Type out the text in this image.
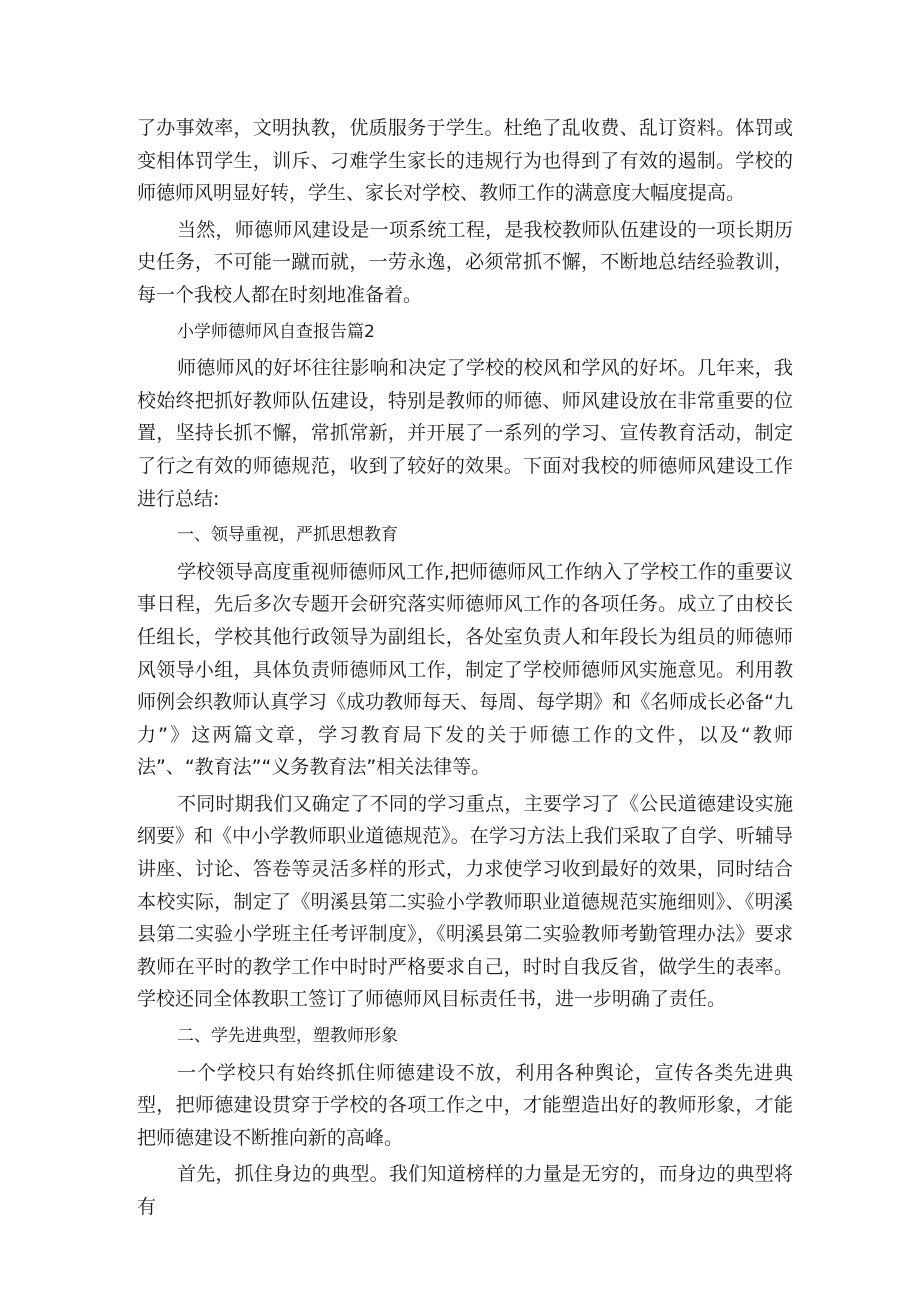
了办事效率，文明执教，优质服务于学生。杜绝了乱收费、乱订资料。体罚或变相体罚学生，训斥、刁难学生家长的违规行为也得到了有效的遏制。学校的师德师风明显好转，学生、家长对学校、教师工作的满意度大幅度提高。

当然，师德师风建设是一项系统工程，是我校教师队伍建设的一项长期历史任务，不可能一蹴而就，一劳永逸，必须常抓不懈，不断地总结经验教训，每一个我校人都在时刻地准备着。

小学师德师风自查报告篇2

师德师风的好坏往往影响和决定了学校的校风和学风的好坏。几年来，我校始终把抓好教师队伍建设，特别是教师的师德、师风建设放在非常重要的位置，坚持长抓不懈，常抓常新，并开展了一系列的学习、宣传教育活动，制定了行之有效的师德规范，收到了较好的效果。下面对我校的师德师风建设工作进行总结:

一、领导重视，严抓思想教育

学校领导高度重视师德师风工作,把师德师风工作纳入了学校工作的重要议事日程，先后多次专题开会研究落实师德师风工作的各项任务。成立了由校长任组长，学校其他行政领导为副组长，各处室负责人和年段长为组员的师德师风领导小组，具体负责师德师风工作，制定了学校师德师风实施意见。利用教师例会织教师认真学习《成功教师每天、每周、每学期》和《名师成长必备“九力”》这两篇文章，学习教育局下发的关于师德工作的文件，以及“教师法”、“教育法”“义务教育法”相关法律等。

不同时期我们又确定了不同的学习重点，主要学习了《公民道德建设实施纲要》和《中小学教师职业道德规范》。在学习方法上我们采取了自学、听辅导讲座、讨论、答卷等灵活多样的形式，力求使学习收到最好的效果，同时结合本校实际，制定了《明溪县第二实验小学教师职业道德规范实施细则》、《明溪县第二实验小学班主任考评制度》，《明溪县第二实验教师考勤管理办法》要求教师在平时的教学工作中时时严格要求自己，时时自我反省，做学生的表率。学校还同全体教职工签订了师德师风目标责任书，进一步明确了责任。

二、学先进典型，塑教师形象

一个学校只有始终抓住师德建设不放，利用各种舆论，宣传各类先进典型，把师德建设贯穿于学校的各项工作之中，才能塑造出好的教师形象，才能把师德建设不断推向新的高峰。

首先，抓住身边的典型。我们知道榜样的力量是无穷的，而身边的典型将有
